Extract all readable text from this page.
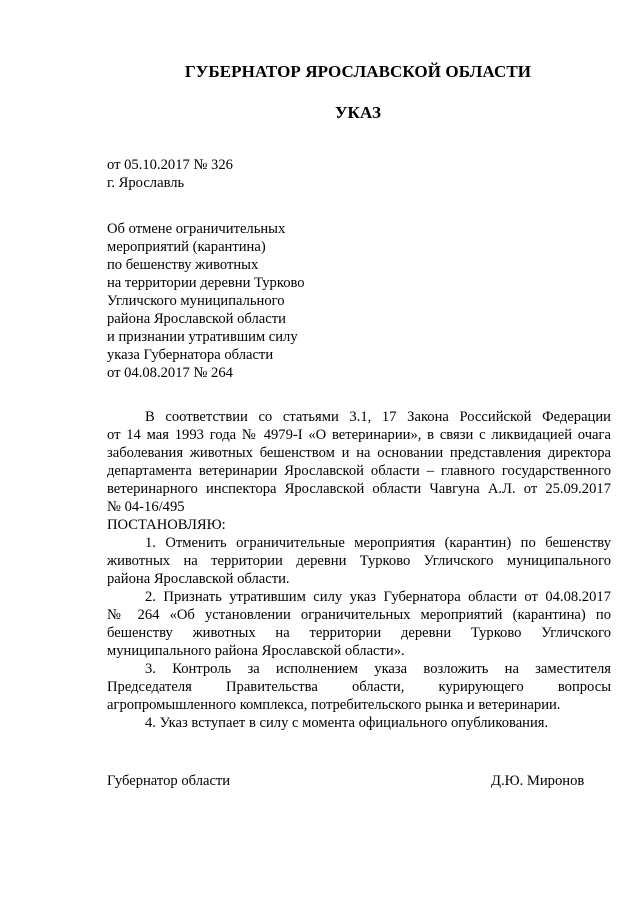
ГУБЕРНАТОР ЯРОСЛАВСКОЙ ОБЛАСТИ
УКАЗ
от 05.10.2017 № 326
г. Ярославль
Об отмене ограничительных
мероприятий (карантина)
по бешенству животных
на территории деревни Турково
Угличского муниципального
района Ярославской области
и признании утратившим силу
указа Губернатора области
от 04.08.2017 № 264
В соответствии со статьями 3.1, 17 Закона Российской Федерации
от 14 мая 1993 года № 4979-I «О ветеринарии», в связи с ликвидацией очага
заболевания животных бешенством и на основании представления директора
департамента ветеринарии Ярославской области – главного государственного
ветеринарного инспектора Ярославской области Чавгуна А.Л. от 25.09.2017
№ 04-16/495
ПОСТАНОВЛЯЮ:
1. Отменить ограничительные мероприятия (карантин) по бешенству
животных на территории деревни Турково Угличского муниципального
района Ярославской области.
2. Признать утратившим силу указ Губернатора области от 04.08.2017
№ 264 «Об установлении ограничительных мероприятий (карантина) по
бешенству животных на территории деревни Турково Угличского
муниципального района Ярославской области».
3. Контроль за исполнением указа возложить на заместителя
Председателя Правительства области, курирующего вопросы
агропромышленного комплекса, потребительского рынка и ветеринарии.
4. Указ вступает в силу с момента официального опубликования.
Губернатор области	Д.Ю. Миронов
